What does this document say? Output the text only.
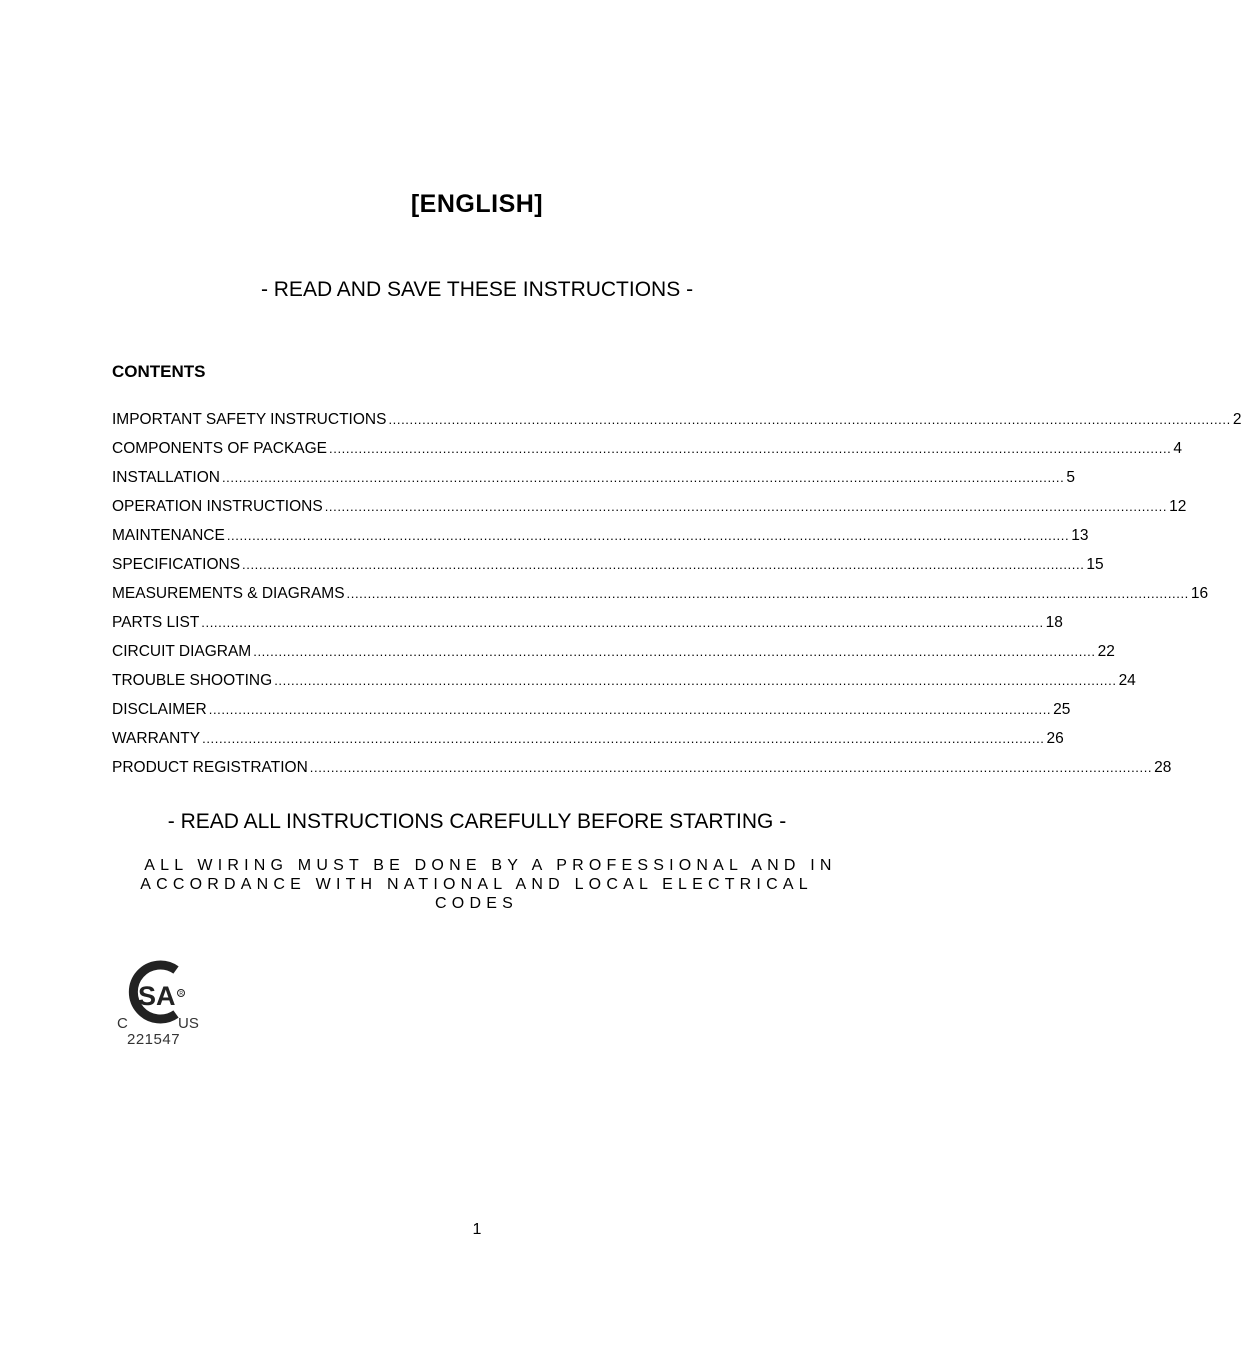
[ENGLISH]
- READ AND SAVE THESE INSTRUCTIONS -
CONTENTS
IMPORTANT SAFETY INSTRUCTIONS ........................................................................................................................................................................................................ 2
COMPONENTS OF PACKAGE ........................................................................................................................................................................................................ 4
INSTALLATION ........................................................................................................................................................................................................ 5
OPERATION INSTRUCTIONS ........................................................................................................................................................................................................ 12
MAINTENANCE ........................................................................................................................................................................................................ 13
SPECIFICATIONS ........................................................................................................................................................................................................ 15
MEASUREMENTS & DIAGRAMS ........................................................................................................................................................................................................ 16
PARTS LIST ........................................................................................................................................................................................................ 18
CIRCUIT DIAGRAM ........................................................................................................................................................................................................ 22
TROUBLE SHOOTING ........................................................................................................................................................................................................ 24
DISCLAIMER ........................................................................................................................................................................................................ 25
WARRANTY ........................................................................................................................................................................................................ 26
PRODUCT REGISTRATION ........................................................................................................................................................................................................ 28
- READ ALL INSTRUCTIONS CAREFULLY BEFORE STARTING -
ALL WIRING MUST BE DONE BY A PROFESSIONAL AND IN
ACCORDANCE WITH NATIONAL AND LOCAL ELECTRICAL CODES
S A R
C	US
221547
1
